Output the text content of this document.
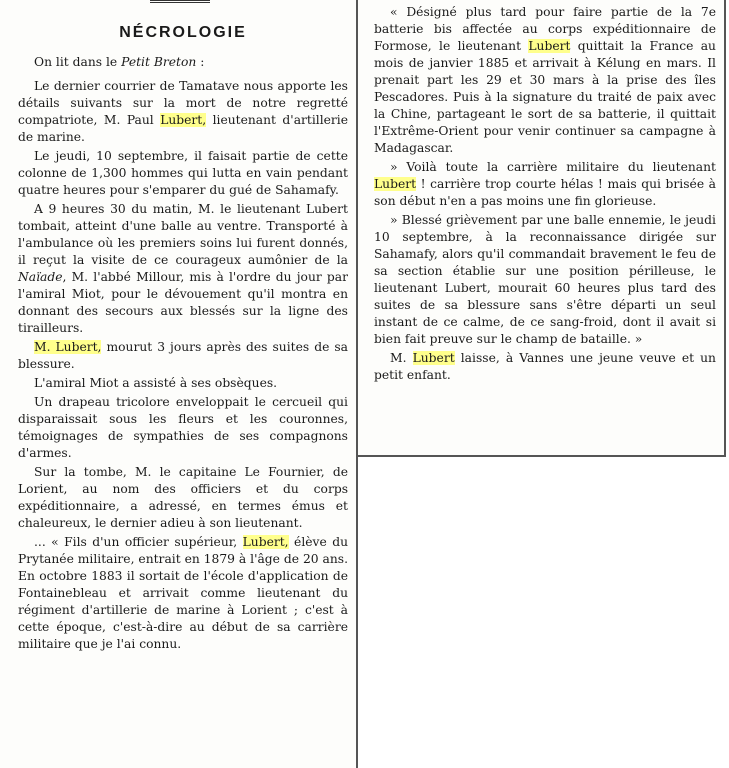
NÉCROLOGIE

On lit dans le Petit Breton :

Le dernier courrier de Tamatave nous apporte les détails suivants sur la mort de notre regretté compatriote, M. Paul Lubert, lieutenant d'artillerie de marine.

Le jeudi, 10 septembre, il faisait partie de cette colonne de 1,300 hommes qui lutta en vain pendant quatre heures pour s'emparer du gué de Sahamafy.

A 9 heures 30 du matin, M. le lieutenant Lubert tombait, atteint d'une balle au ventre. Transporté à l'ambulance où les premiers soins lui furent donnés, il reçut la visite de ce courageux aumônier de la Naïade, M. l'abbé Millour, mis à l'ordre du jour par l'amiral Miot, pour le dévouement qu'il montra en donnant des secours aux blessés sur la ligne des tirailleurs.

M. Lubert, mourut 3 jours après des suites de sa blessure.

L'amiral Miot a assisté à ses obsèques.

Un drapeau tricolore enveloppait le cercueil qui disparaissait sous les fleurs et les couronnes, témoignages de sympathies de ses compagnons d'armes.

Sur la tombe, M. le capitaine Le Fournier, de Lorient, au nom des officiers et du corps expéditionnaire, a adressé, en termes émus et chaleureux, le dernier adieu à son lieutenant.

... « Fils d'un officier supérieur, Lubert, élève du Prytanée militaire, entrait en 1879 à l'âge de 20 ans. En octobre 1883 il sortait de l'école d'application de Fontainebleau et arrivait comme lieutenant du régiment d'artillerie de marine à Lorient ; c'est à cette époque, c'est-à-dire au début de sa carrière militaire que je l'ai connu.

« Désigné plus tard pour faire partie de la 7e batterie bis affectée au corps expéditionnaire de Formose, le lieutenant Lubert quittait la France au mois de janvier 1885 et arrivait à Kélung en mars. Il prenait part les 29 et 30 mars à la prise des îles Pescadores. Puis à la signature du traité de paix avec la Chine, partageant le sort de sa batterie, il quittait l'Extrême-Orient pour venir continuer sa campagne à Madagascar.

» Voilà toute la carrière militaire du lieutenant Lubert ! carrière trop courte hélas ! mais qui brisée à son début n'en a pas moins une fin glorieuse.

» Blessé grièvement par une balle ennemie, le jeudi 10 septembre, à la reconnaissance dirigée sur Sahamafy, alors qu'il commandait bravement le feu de sa section établie sur une position périlleuse, le lieutenant Lubert, mourait 60 heures plus tard des suites de sa blessure sans s'être départi un seul instant de ce calme, de ce sang-froid, dont il avait si bien fait preuve sur le champ de bataille. »

M. Lubert laisse, à Vannes une jeune veuve et un petit enfant.
